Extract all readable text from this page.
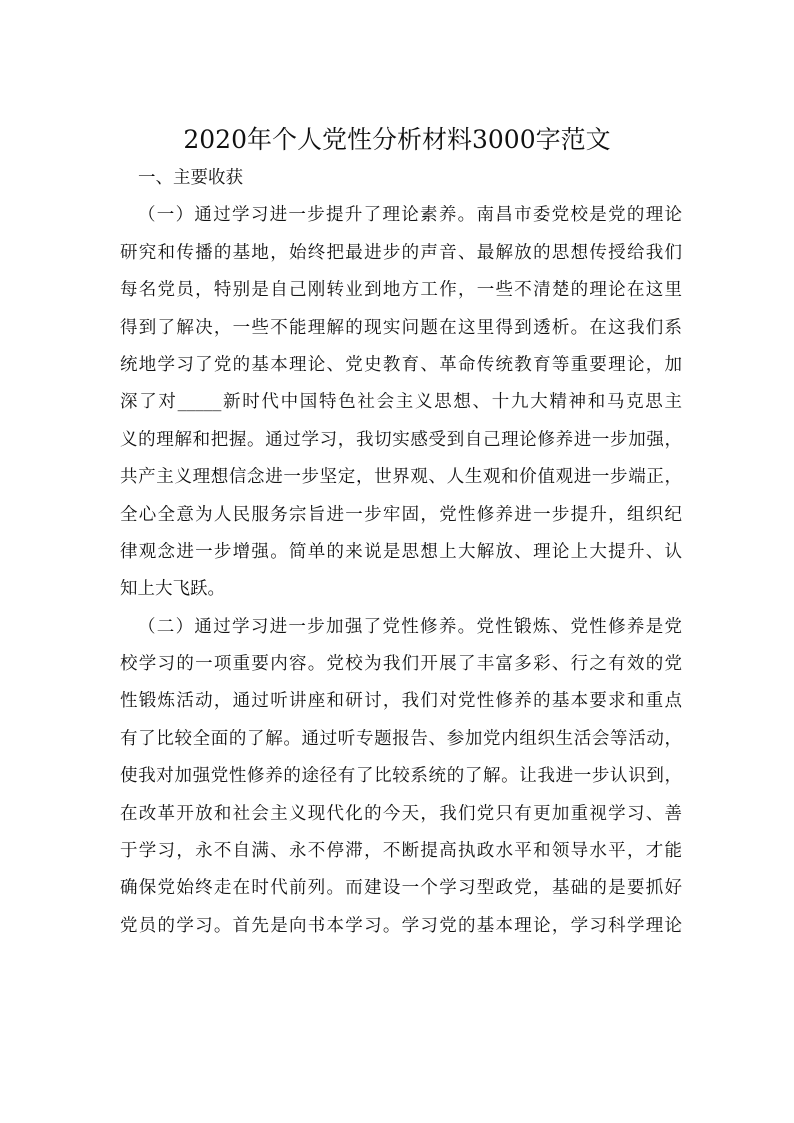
2020年个人党性分析材料3000字范文
一、主要收获
（一）通过学习进一步提升了理论素养。南昌市委党校是党的理论
研究和传播的基地，始终把最进步的声音、最解放的思想传授给我们
每名党员，特别是自己刚转业到地方工作，一些不清楚的理论在这里
得到了解决，一些不能理解的现实问题在这里得到透析。在这我们系
统地学习了党的基本理论、党史教育、革命传统教育等重要理论，加
深了对_____新时代中国特色社会主义思想、十九大精神和马克思主
义的理解和把握。通过学习，我切实感受到自己理论修养进一步加强，
共产主义理想信念进一步坚定，世界观、人生观和价值观进一步端正，
全心全意为人民服务宗旨进一步牢固，党性修养进一步提升，组织纪
律观念进一步增强。简单的来说是思想上大解放、理论上大提升、认
知上大飞跃。
（二）通过学习进一步加强了党性修养。党性锻炼、党性修养是党
校学习的一项重要内容。党校为我们开展了丰富多彩、行之有效的党
性锻炼活动，通过听讲座和研讨，我们对党性修养的基本要求和重点
有了比较全面的了解。通过听专题报告、参加党内组织生活会等活动，
使我对加强党性修养的途径有了比较系统的了解。让我进一步认识到，
在改革开放和社会主义现代化的今天，我们党只有更加重视学习、善
于学习，永不自满、永不停滞，不断提高执政水平和领导水平，才能
确保党始终走在时代前列。而建设一个学习型政党，基础的是要抓好
党员的学习。首先是向书本学习。学习党的基本理论，学习科学理论
